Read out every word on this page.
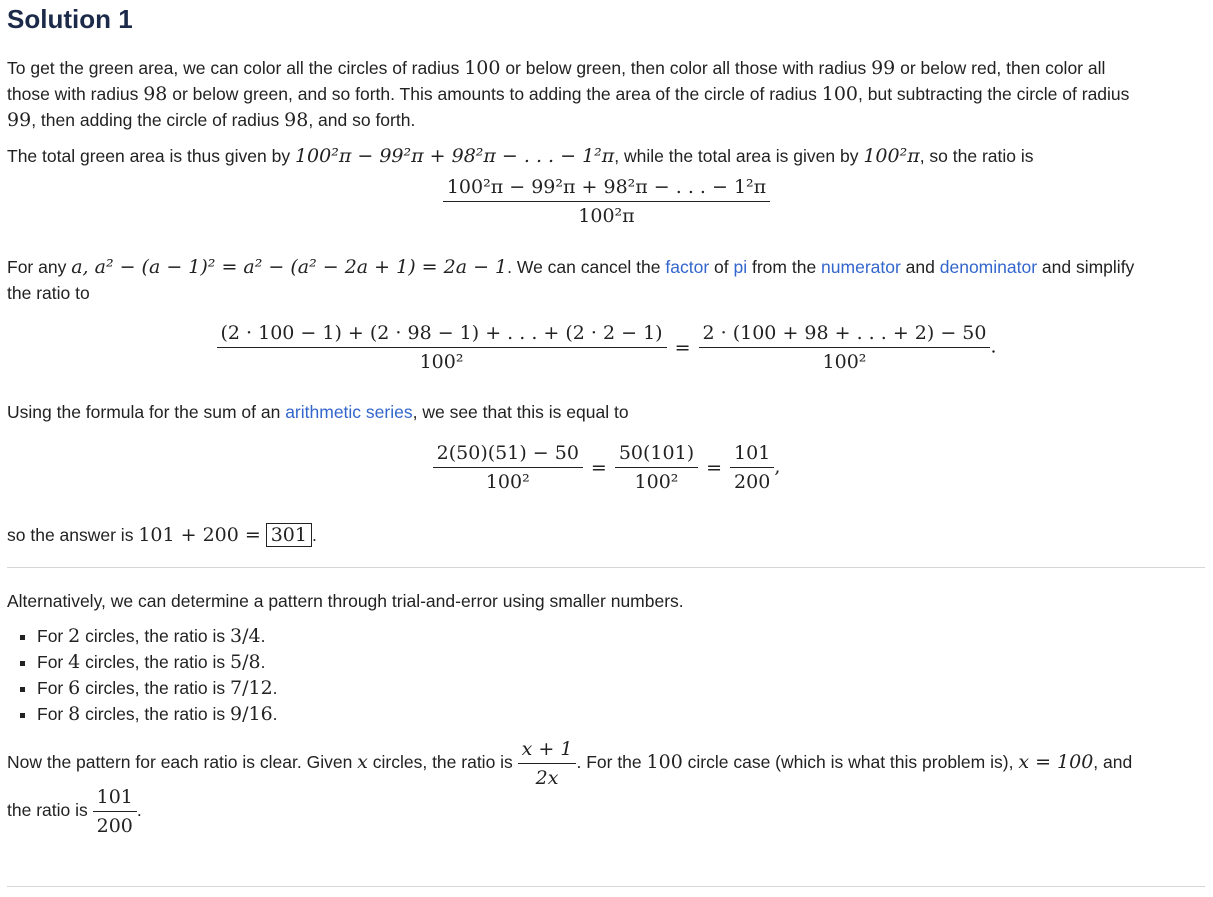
Solution 1
To get the green area, we can color all the circles of radius 100 or below green, then color all those with radius 99 or below red, then color all
those with radius 98 or below green, and so forth. This amounts to adding the area of the circle of radius 100, but subtracting the circle of radius
99, then adding the circle of radius 98, and so forth.
The total green area is thus given by 100²π − 99²π + 98²π − . . . − 1²π, while the total area is given by 100²π, so the ratio is
$\frac{\text{100²π − 99²π + 98²π − . . . − 1²π}}{\text{100²π}}$
For any a, a² − (a − 1)² = a² − (a² − 2a + 1) = 2a − 1. We can cancel the factor of pi from the numerator and denominator and simplify
the ratio to
$\frac{(2 \cdot 100 - 1) + (2 \cdot 98 - 1) + . . . + (2 \cdot 2 - 1)}{\text{100²}} = \frac{2 \cdot (100 + 98 + . . . + 2) - 50}{\text{100²}}$ .
Using the formula for the sum of an arithmetic series, we see that this is equal to
$\frac{2(50)(51) - 50}{\text{100²}} = \frac{50(101)}{\text{100²}} = \frac{101}{200}$ ,
so the answer is 101 + 200 = 301 .
Alternatively, we can determine a pattern through trial-and-error using smaller numbers.
▪ For 2 circles, the ratio is 3/4.
▪ For 4 circles, the ratio is 5/8.
▪ For 6 circles, the ratio is 7/12.
▪ For 8 circles, the ratio is 9/16.
Now the pattern for each ratio is clear. Given x circles, the ratio is $\frac{x + 1}{2x}$ . For the 100 circle case (which is what this problem is), x = 100, and
the ratio is $\frac{101}{200}$ .
